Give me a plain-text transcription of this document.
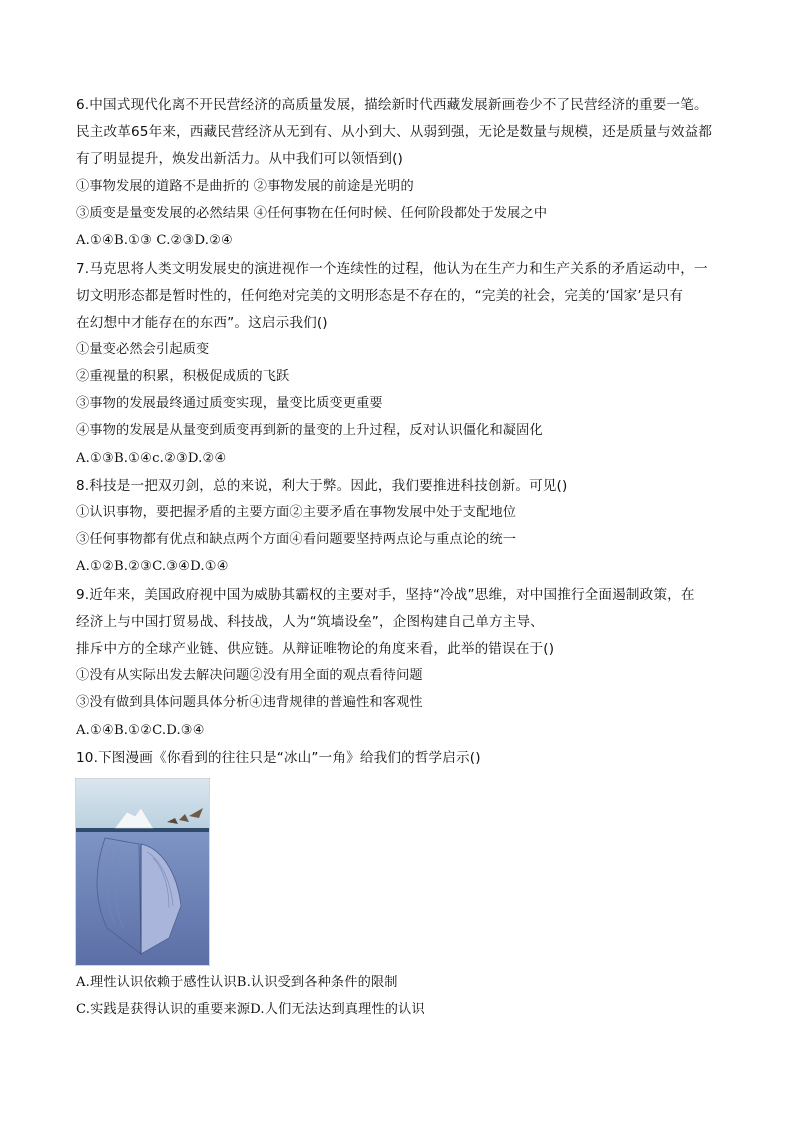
6.中国式现代化离不开民营经济的高质量发展，描绘新时代西藏发展新画卷少不了民营经济的重要一笔。
民主改革65年来，西藏民营经济从无到有、从小到大、从弱到强，无论是数量与规模，还是质量与效益都
有了明显提升，焕发出新活力。从中我们可以领悟到()
①事物发展的道路不是曲折的 ②事物发展的前途是光明的
③质变是量变发展的必然结果 ④任何事物在任何时候、任何阶段都处于发展之中
A.①④B.①③ C.②③D.②④
7.马克思将人类文明发展史的演进视作一个连续性的过程，他认为在生产力和生产关系的矛盾运动中，一
切文明形态都是暂时性的，任何绝对完美的文明形态是不存在的，“完美的社会，完美的‘国家’是只有
在幻想中才能存在的东西”。这启示我们()
①量变必然会引起质变
②重视量的积累，积极促成质的飞跃
③事物的发展最终通过质变实现，量变比质变更重要
④事物的发展是从量变到质变再到新的量变的上升过程，反对认识僵化和凝固化
A.①③B.①④c.②③D.②④
8.科技是一把双刃剑，总的来说，利大于弊。因此，我们要推进科技创新。可见()
①认识事物，要把握矛盾的主要方面②主要矛盾在事物发展中处于支配地位
③任何事物都有优点和缺点两个方面④看问题要坚持两点论与重点论的统一
A.①②B.②③C.③④D.①④
9.近年来，美国政府视中国为威胁其霸权的主要对手，坚持“冷战”思维，对中国推行全面遏制政策，在
经济上与中国打贸易战、科技战，人为“筑墙设垒”，企图构建自己单方主导、
排斥中方的全球产业链、供应链。从辩证唯物论的角度来看，此举的错误在于()
①没有从实际出发去解决问题②没有用全面的观点看待问题
③没有做到具体问题具体分析④违背规律的普遍性和客观性
A.①④B.①②C.D.③④
10.下图漫画《你看到的往往只是“冰山”一角》给我们的哲学启示()
A.理性认识依赖于感性认识B.认识受到各种条件的限制
C.实践是获得认识的重要来源D.人们无法达到真理性的认识
